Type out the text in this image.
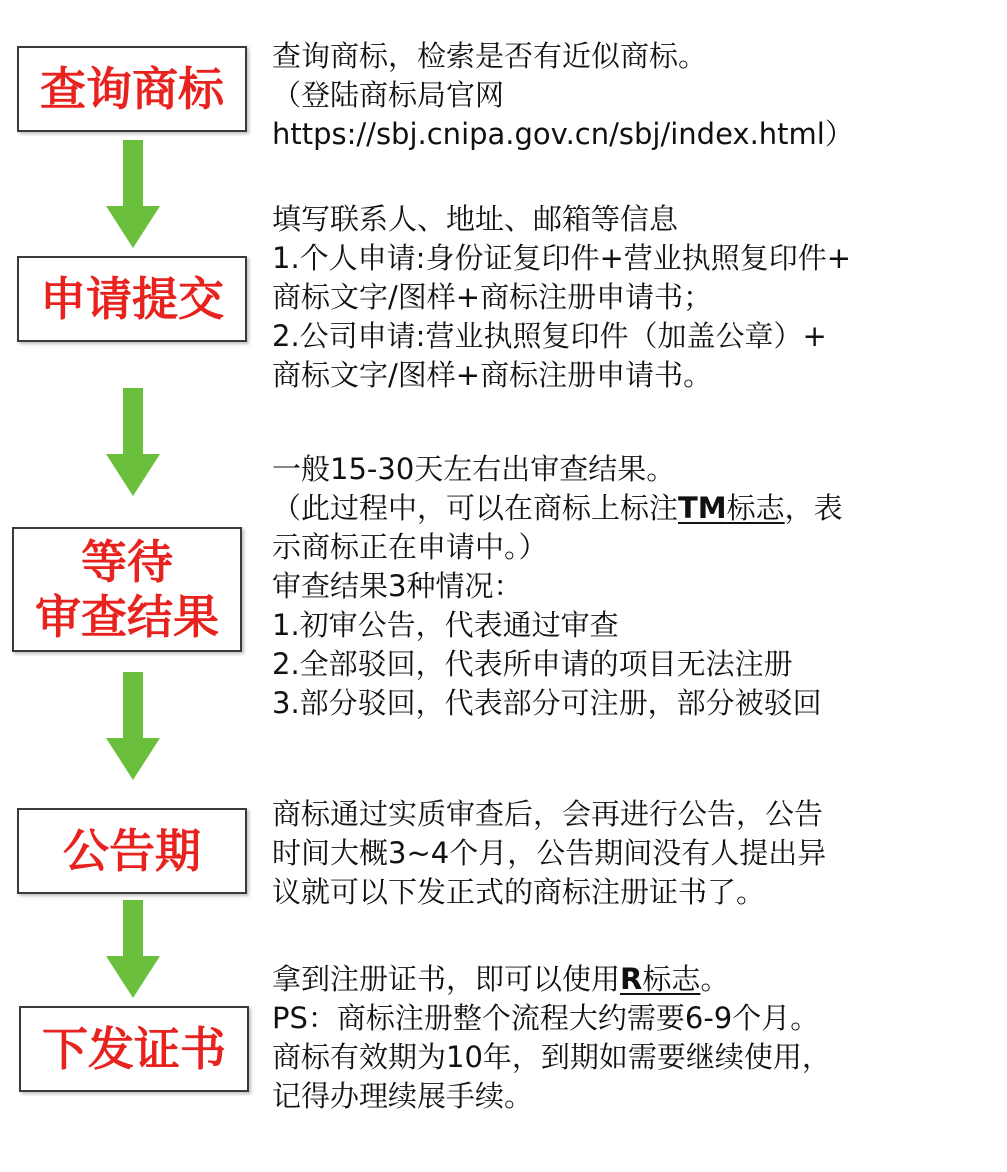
查询商标
申请提交
等待
审查结果
公告期
下发证书
查询商标，检索是否有近似商标。
（登陆商标局官网
https://sbj.cnipa.gov.cn/sbj/index.html）
填写联系人、地址、邮箱等信息
1.个人申请:身份证复印件+营业执照复印件+
商标文字/图样+商标注册申请书；
2.公司申请:营业执照复印件（加盖公章）+
商标文字/图样+商标注册申请书。
一般15-30天左右出审查结果。
（此过程中，可以在商标上标注TM标志，表
示商标正在申请中。）
审查结果3种情况：
1.初审公告，代表通过审查
2.全部驳回，代表所申请的项目无法注册
3.部分驳回，代表部分可注册，部分被驳回
商标通过实质审查后，会再进行公告，公告
时间大概3~4个月，公告期间没有人提出异
议就可以下发正式的商标注册证书了。
拿到注册证书，即可以使用R标志。
PS：商标注册整个流程大约需要6-9个月。
商标有效期为10年，到期如需要继续使用，
记得办理续展手续。
